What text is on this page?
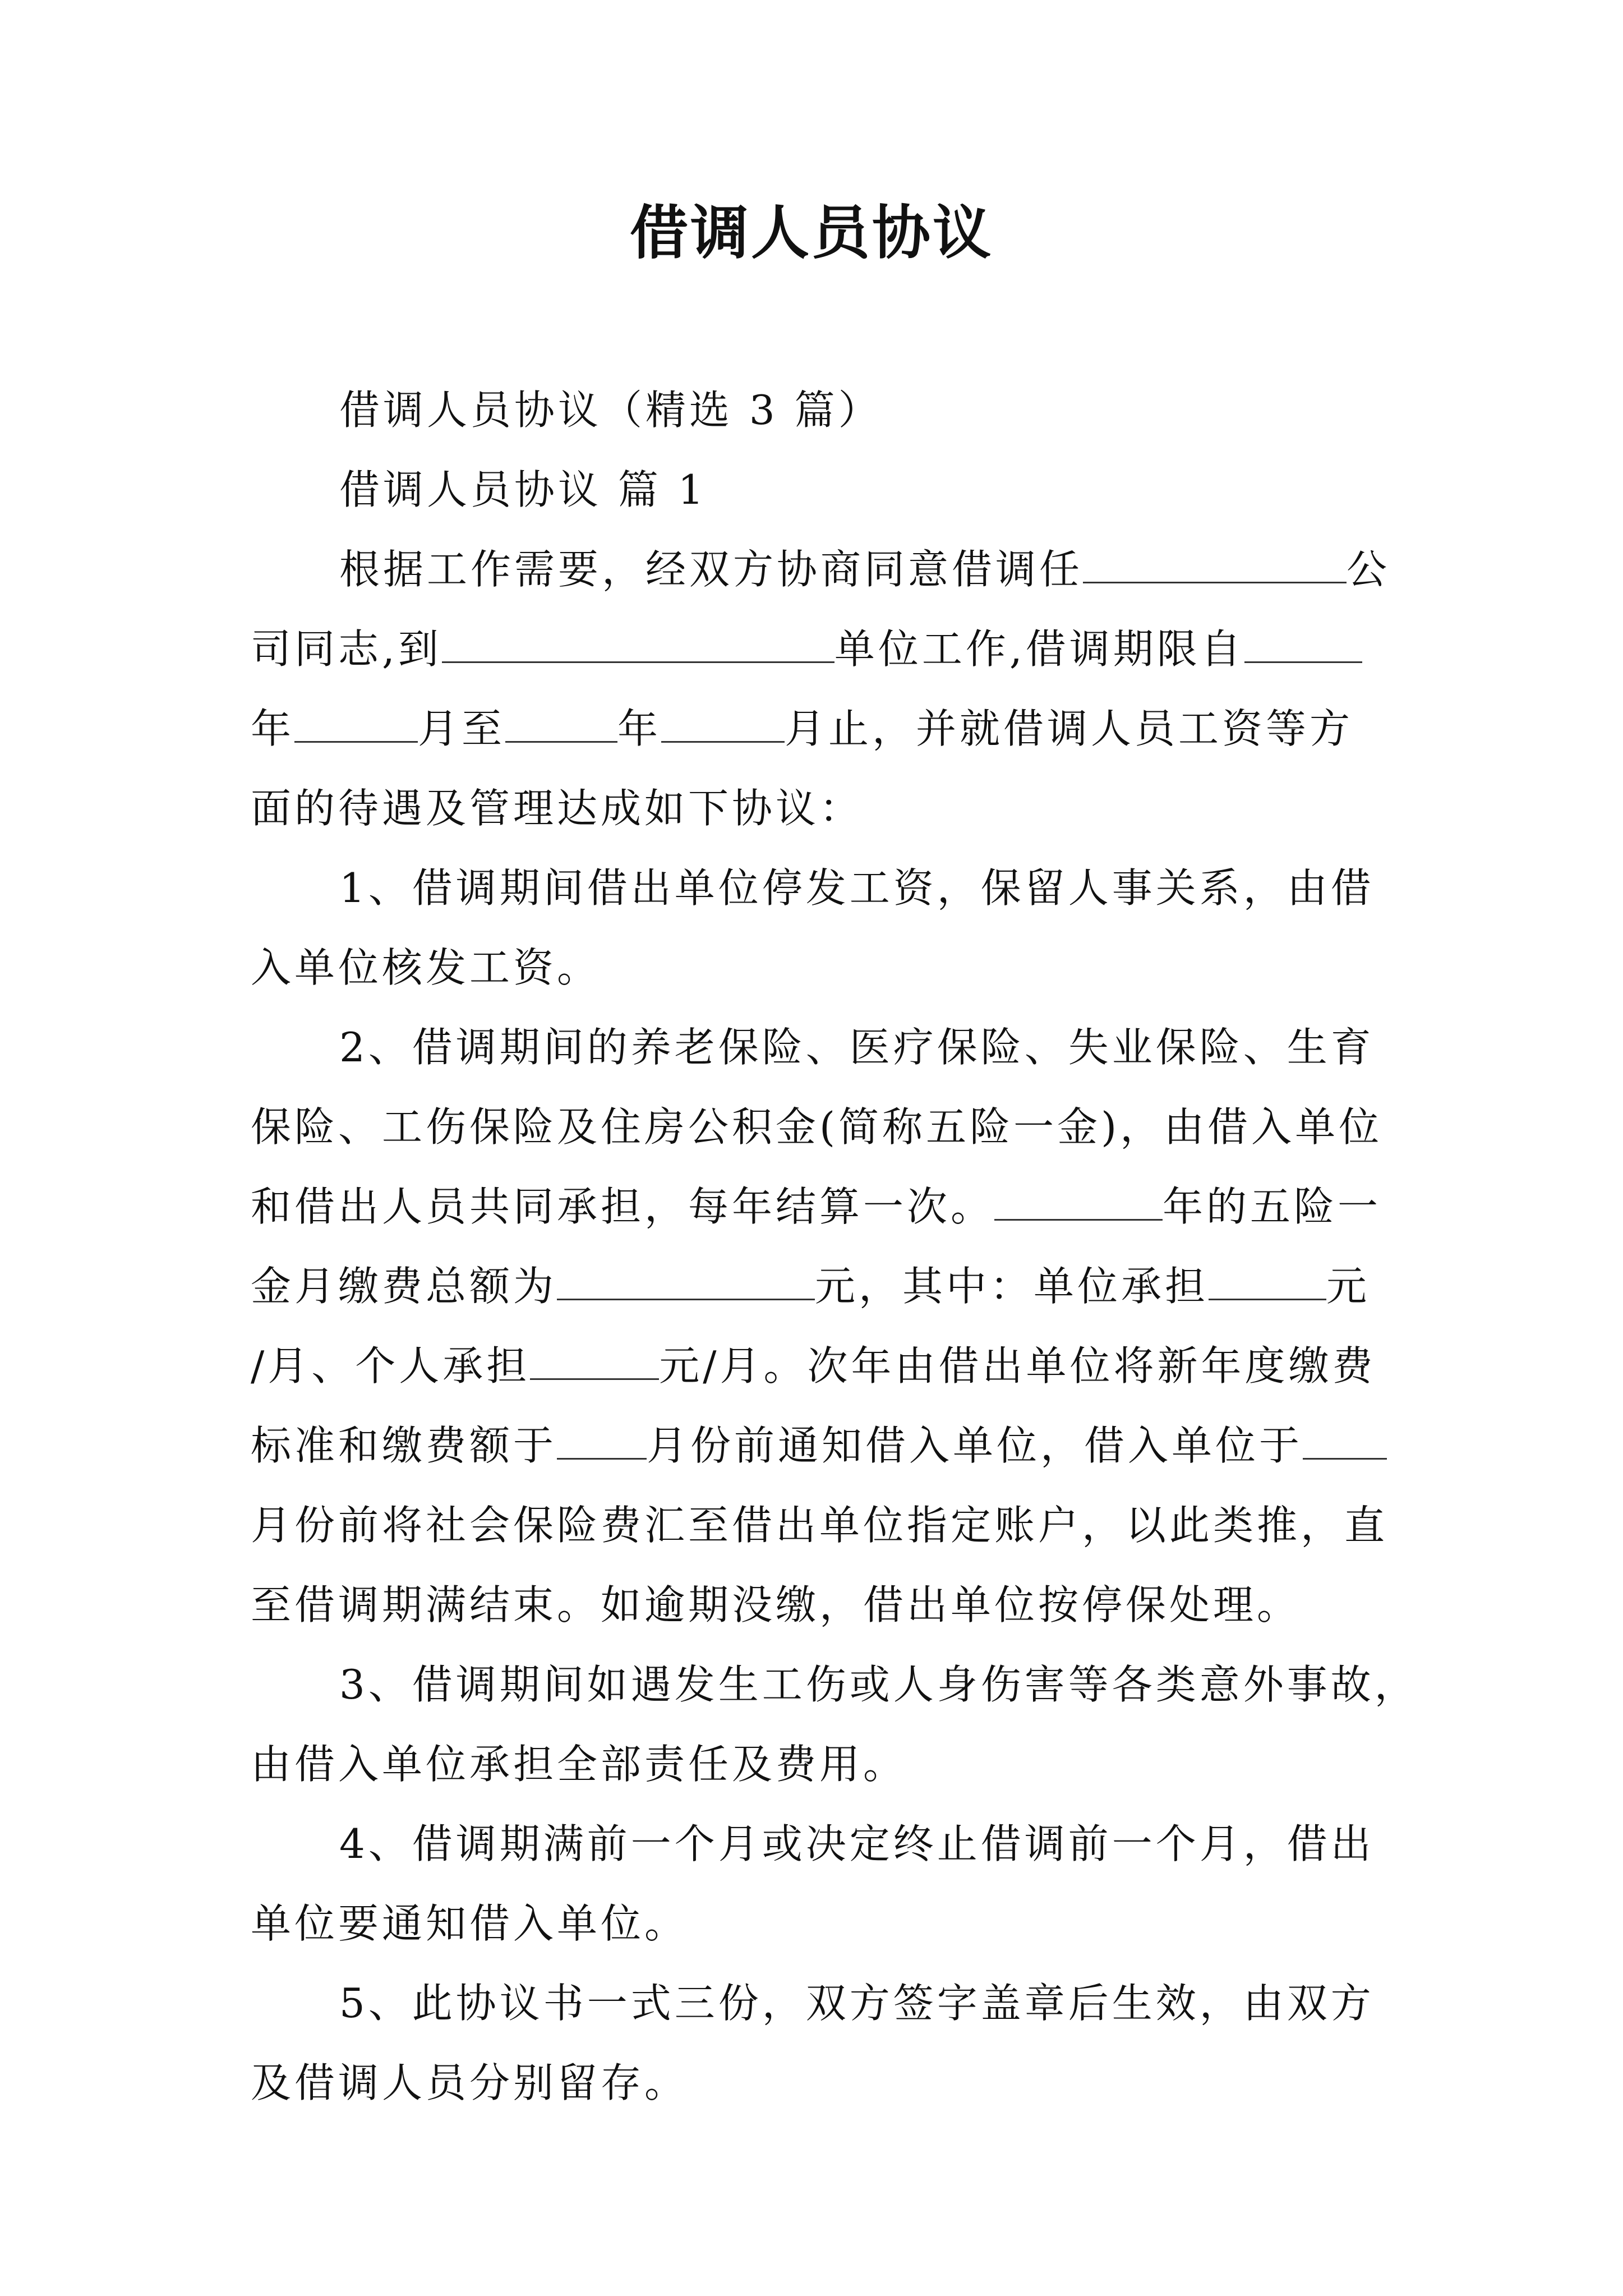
借调人员协议
借调人员协议（精选 3 篇）
借调人员协议 篇 1
根据工作需要，经双方协商同意借调任	公
司同志,到	单位工作,借调期限自
年	月至	年	月止，并就借调人员工资等方
面的待遇及管理达成如下协议：
1、借调期间借出单位停发工资，保留人事关系，由借
入单位核发工资。
2、借调期间的养老保险、医疗保险、失业保险、生育
保险、工伤保险及住房公积金(简称五险一金)，由借入单位
和借出人员共同承担，每年结算一次。	年的五险一
金月缴费总额为	元，其中：单位承担	元
/月、个人承担	元/月。次年由借出单位将新年度缴费
标准和缴费额于 月份前通知借入单位，借入单位于
月份前将社会保险费汇至借出单位指定账户，以此类推，直
至借调期满结束。如逾期没缴，借出单位按停保处理。
3、借调期间如遇发生工伤或人身伤害等各类意外事故，
由借入单位承担全部责任及费用。
4、借调期满前一个月或决定终止借调前一个月，借出
单位要通知借入单位。
5、此协议书一式三份，双方签字盖章后生效，由双方
及借调人员分别留存。
